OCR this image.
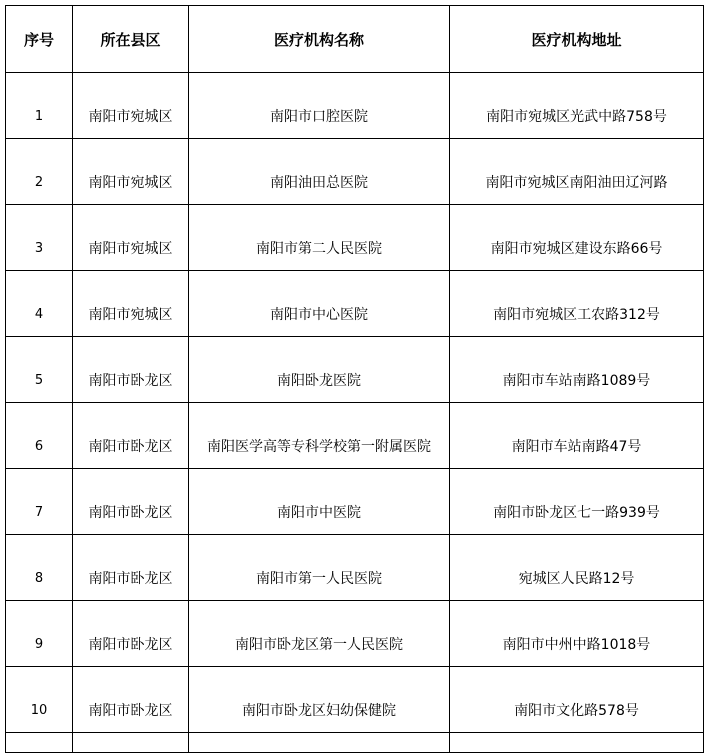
序号	所在县区	医疗机构名称	医疗机构地址
1	南阳市宛城区	南阳市口腔医院	南阳市宛城区光武中路758号
2	南阳市宛城区	南阳油田总医院	南阳市宛城区南阳油田辽河路
3	南阳市宛城区	南阳市第二人民医院	南阳市宛城区建设东路66号
4	南阳市宛城区	南阳市中心医院	南阳市宛城区工农路312号
5	南阳市卧龙区	南阳卧龙医院	南阳市车站南路1089号
6	南阳市卧龙区	南阳医学高等专科学校第一附属医院	南阳市车站南路47号
7	南阳市卧龙区	南阳市中医院	南阳市卧龙区七一路939号
8	南阳市卧龙区	南阳市第一人民医院	宛城区人民路12号
9	南阳市卧龙区	南阳市卧龙区第一人民医院	南阳市中州中路1018号
10	南阳市卧龙区	南阳市卧龙区妇幼保健院	南阳市文化路578号
